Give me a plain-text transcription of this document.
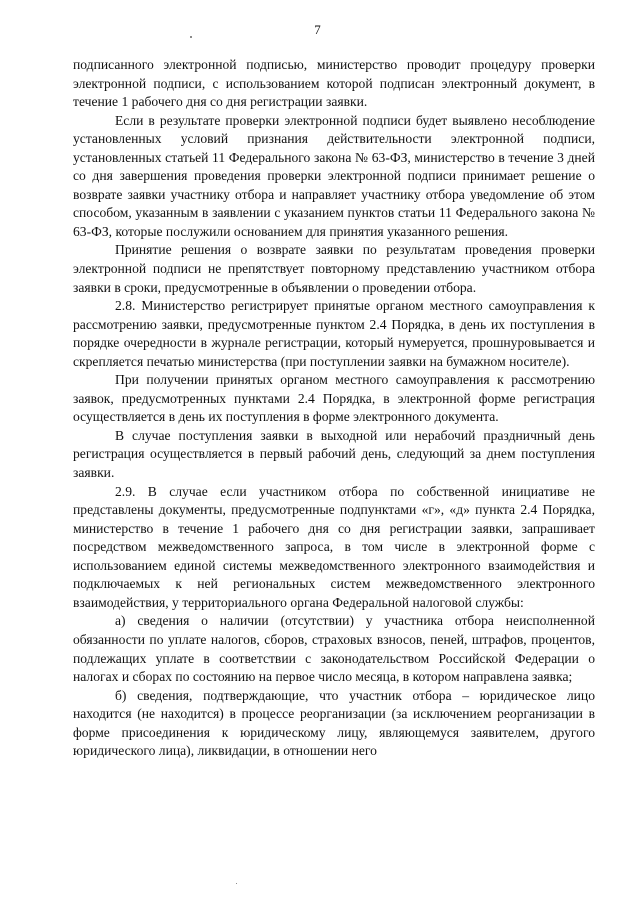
7

подписанного электронной подписью, министерство проводит процедуру проверки электронной подписи, с использованием которой подписан электронный документ, в течение 1 рабочего дня со дня регистрации заявки.

Если в результате проверки электронной подписи будет выявлено несоблюдение установленных условий признания действительности электронной подписи, установленных статьей 11 Федерального закона № 63-ФЗ, министерство в течение 3 дней со дня завершения проведения проверки электронной подписи принимает решение о возврате заявки участнику отбора и направляет участнику отбора уведомление об этом способом, указанным в заявлении с указанием пунктов статьи 11 Федерального закона № 63-ФЗ, которые послужили основанием для принятия указанного решения.

Принятие решения о возврате заявки по результатам проведения проверки электронной подписи не препятствует повторному представлению участником отбора заявки в сроки, предусмотренные в объявлении о проведении отбора.

2.8. Министерство регистрирует принятые органом местного самоуправления к рассмотрению заявки, предусмотренные пунктом 2.4 Порядка, в день их поступления в порядке очередности в журнале регистрации, который нумеруется, прошнуровывается и скрепляется печатью министерства (при поступлении заявки на бумажном носителе).

При получении принятых органом местного самоуправления к рассмотрению заявок, предусмотренных пунктами 2.4 Порядка, в электронной форме регистрация осуществляется в день их поступления в форме электронного документа.

В случае поступления заявки в выходной или нерабочий праздничный день регистрация осуществляется в первый рабочий день, следующий за днем поступления заявки.

2.9. В случае если участником отбора по собственной инициативе не представлены документы, предусмотренные подпунктами «г», «д» пункта 2.4 Порядка, министерство в течение 1 рабочего дня со дня регистрации заявки, запрашивает посредством межведомственного запроса, в том числе в электронной форме с использованием единой системы межведомственного электронного взаимодействия и подключаемых к ней региональных систем межведомственного электронного взаимодействия, у территориального органа Федеральной налоговой службы:

а) сведения о наличии (отсутствии) у участника отбора неисполненной обязанности по уплате налогов, сборов, страховых взносов, пеней, штрафов, процентов, подлежащих уплате в соответствии с законодательством Российской Федерации о налогах и сборах по состоянию на первое число месяца, в котором направлена заявка;

б) сведения, подтверждающие, что участник отбора – юридическое лицо находится (не находится) в процессе реорганизации (за исключением реорганизации в форме присоединения к юридическому лицу, являющемуся заявителем, другого юридического лица), ликвидации, в отношении него
